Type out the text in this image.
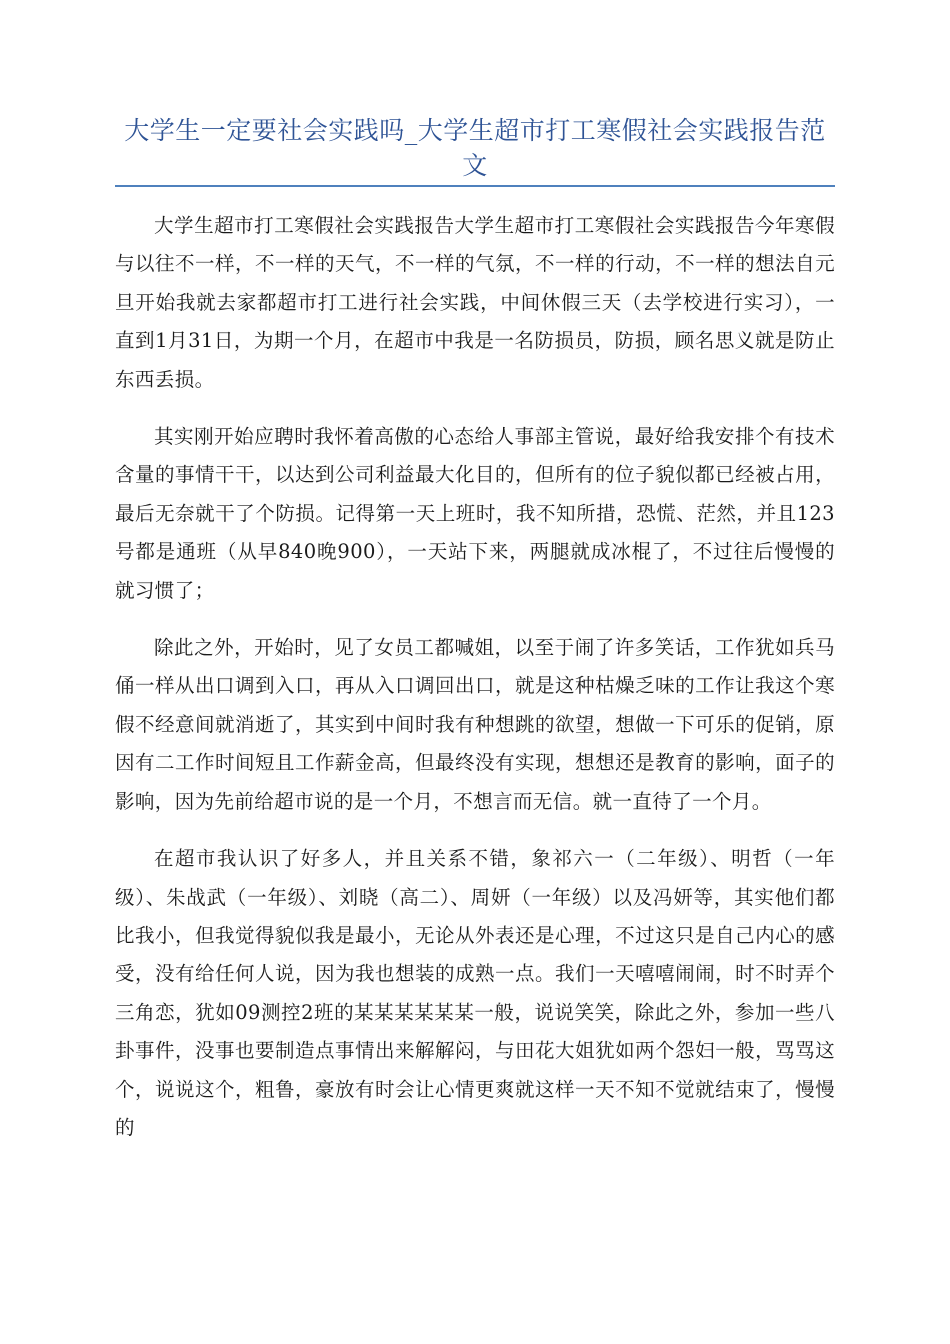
大学生一定要社会实践吗_大学生超市打工寒假社会实践报告范文

大学生超市打工寒假社会实践报告大学生超市打工寒假社会实践报告今年寒假与以往不一样，不一样的天气，不一样的气氛，不一样的行动，不一样的想法自元旦开始我就去家都超市打工进行社会实践，中间休假三天（去学校进行实习），一直到1月31日，为期一个月，在超市中我是一名防损员，防损，顾名思义就是防止东西丢损。

其实刚开始应聘时我怀着高傲的心态给人事部主管说，最好给我安排个有技术含量的事情干干，以达到公司利益最大化目的，但所有的位子貌似都已经被占用，最后无奈就干了个防损。记得第一天上班时，我不知所措，恐慌、茫然，并且123号都是通班（从早840晚900），一天站下来，两腿就成冰棍了，不过往后慢慢的就习惯了；

除此之外，开始时，见了女员工都喊姐，以至于闹了许多笑话，工作犹如兵马俑一样从出口调到入口，再从入口调回出口，就是这种枯燥乏味的工作让我这个寒假不经意间就消逝了，其实到中间时我有种想跳的欲望，想做一下可乐的促销，原因有二工作时间短且工作薪金高，但最终没有实现，想想还是教育的影响，面子的影响，因为先前给超市说的是一个月，不想言而无信。就一直待了一个月。

在超市我认识了好多人，并且关系不错，象祁六一（二年级）、明哲（一年级）、朱战武（一年级）、刘晓（高二）、周妍（一年级）以及冯妍等，其实他们都比我小，但我觉得貌似我是最小，无论从外表还是心理，不过这只是自己内心的感受，没有给任何人说，因为我也想装的成熟一点。我们一天嘻嘻闹闹，时不时弄个三角恋，犹如09测控2班的某某某某某某一般，说说笑笑，除此之外，参加一些八卦事件，没事也要制造点事情出来解解闷，与田花大姐犹如两个怨妇一般，骂骂这个，说说这个，粗鲁，豪放有时会让心情更爽就这样一天不知不觉就结束了，慢慢的
